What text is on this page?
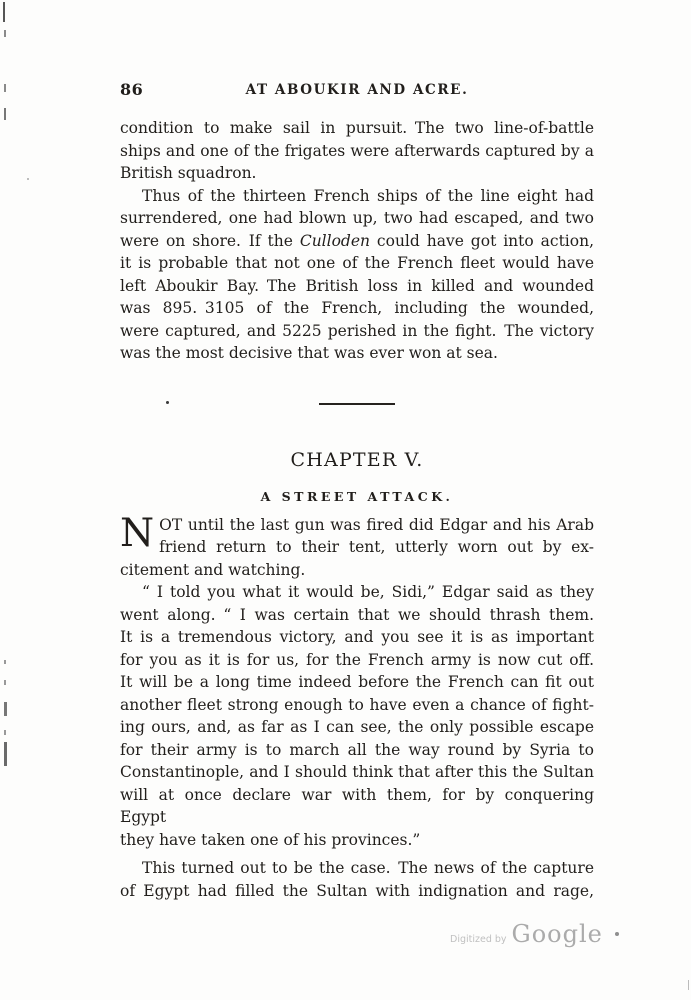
86	AT ABOUKIR AND ACRE.
condition to make sail in pursuit. The two line-of-battle
ships and one of the frigates were afterwards captured by a
British squadron.
Thus of the thirteen French ships of the line eight had
surrendered, one had blown up, two had escaped, and two
were on shore. If the Culloden could have got into action,
it is probable that not one of the French fleet would have
left Aboukir Bay. The British loss in killed and wounded
was 895. 3105 of the French, including the wounded,
were captured, and 5225 perished in the fight. The victory
was the most decisive that was ever won at sea.
CHAPTER V.
A STREET ATTACK.
N OT until the last gun was fired did Edgar and his Arab
friend return to their tent, utterly worn out by ex-
citement and watching.
“ I told you what it would be, Sidi,” Edgar said as they
went along. “ I was certain that we should thrash them.
It is a tremendous victory, and you see it is as important
for you as it is for us, for the French army is now cut off.
It will be a long time indeed before the French can fit out
another fleet strong enough to have even a chance of fight-
ing ours, and, as far as I can see, the only possible escape
for their army is to march all the way round by Syria to
Constantinople, and I should think that after this the Sultan
will at once declare war with them, for by conquering Egypt
they have taken one of his provinces.”
This turned out to be the case. The news of the capture
of Egypt had filled the Sultan with indignation and rage,
Digitized by Google
